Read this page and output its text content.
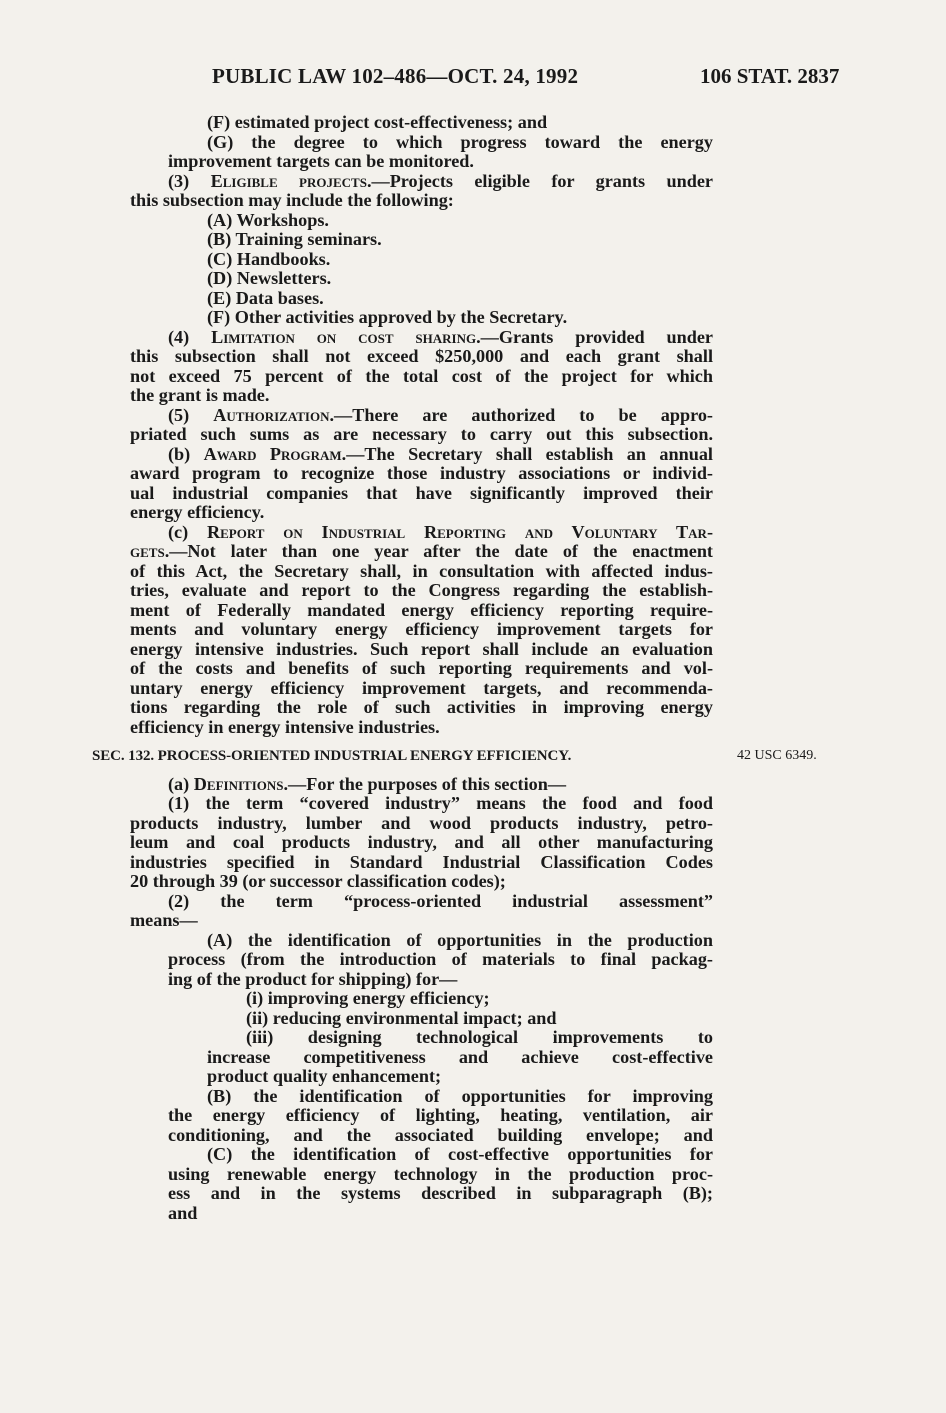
PUBLIC LAW 102–486—OCT. 24, 1992	106 STAT. 2837
(F) estimated project cost-effectiveness; and
(G) the degree to which progress toward the energy
improvement targets can be monitored.
(3) Eligible projects.—Projects eligible for grants under
this subsection may include the following:
(A) Workshops.
(B) Training seminars.
(C) Handbooks.
(D) Newsletters.
(E) Data bases.
(F) Other activities approved by the Secretary.
(4) Limitation on cost sharing.—Grants provided under
this subsection shall not exceed $250,000 and each grant shall
not exceed 75 percent of the total cost of the project for which
the grant is made.
(5) Authorization.—There are authorized to be appro-
priated such sums as are necessary to carry out this subsection.
(b) Award Program.—The Secretary shall establish an annual
award program to recognize those industry associations or individ-
ual industrial companies that have significantly improved their
energy efficiency.
(c) Report on Industrial Reporting and Voluntary Tar-
gets.—Not later than one year after the date of the enactment
of this Act, the Secretary shall, in consultation with affected indus-
tries, evaluate and report to the Congress regarding the establish-
ment of Federally mandated energy efficiency reporting require-
ments and voluntary energy efficiency improvement targets for
energy intensive industries. Such report shall include an evaluation
of the costs and benefits of such reporting requirements and vol-
untary energy efficiency improvement targets, and recommenda-
tions regarding the role of such activities in improving energy
efficiency in energy intensive industries.
SEC. 132. PROCESS-ORIENTED INDUSTRIAL ENERGY EFFICIENCY.
(a) Definitions.—For the purposes of this section—
(1) the term “covered industry” means the food and food
products industry, lumber and wood products industry, petro-
leum and coal products industry, and all other manufacturing
industries specified in Standard Industrial Classification Codes
20 through 39 (or successor classification codes);
(2) the term “process-oriented industrial assessment”
means—
(A) the identification of opportunities in the production
process (from the introduction of materials to final packag-
ing of the product for shipping) for—
(i) improving energy efficiency;
(ii) reducing environmental impact; and
(iii) designing technological improvements to
increase competitiveness and achieve cost-effective
product quality enhancement;
(B) the identification of opportunities for improving
the energy efficiency of lighting, heating, ventilation, air
conditioning, and the associated building envelope; and
(C) the identification of cost-effective opportunities for
using renewable energy technology in the production proc-
ess and in the systems described in subparagraph (B);
and
42 USC 6349.
